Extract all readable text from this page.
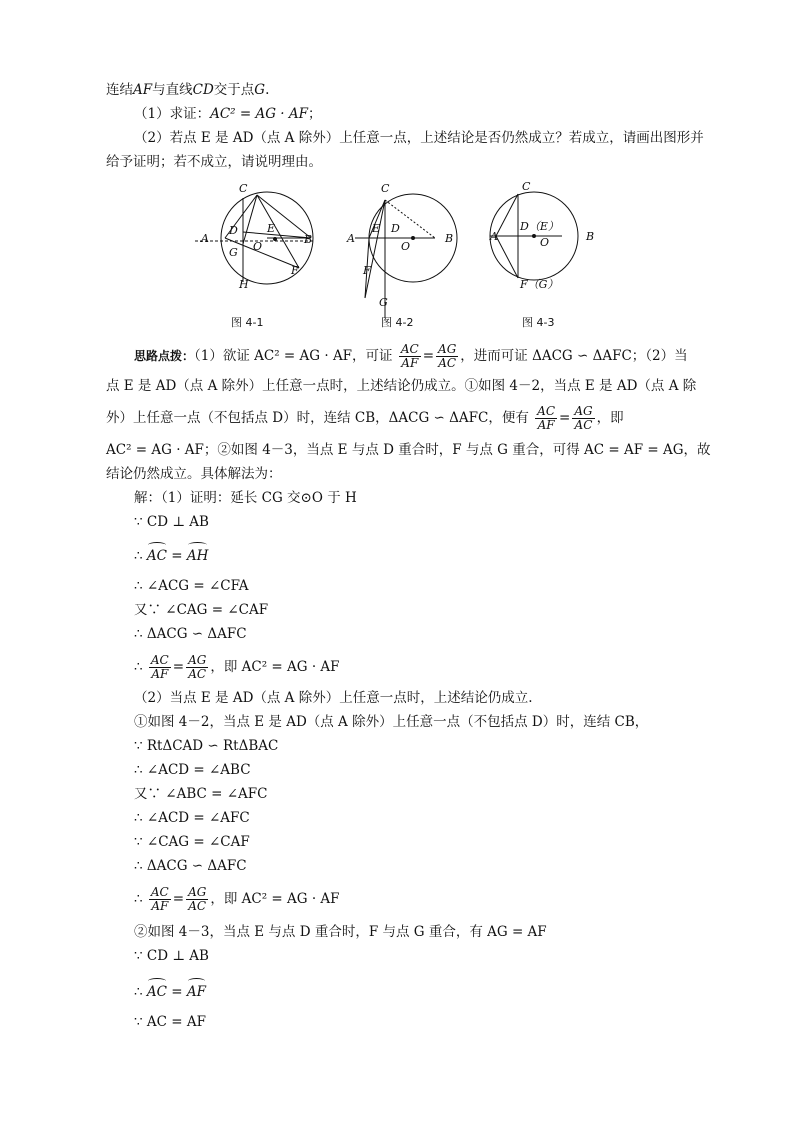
连结AF与直线CD交于点G.
（1）求证：AC² = AG · AF；
（2）若点 E 是 AD（点 A 除外）上任意一点，上述结论是否仍然成立？若成立，请画出图形并
给予证明；若不成立，请说明理由。
C
D	E
B
A
O
G
F
H
图 4-1
C
A
E D
B
O
F
G
图 4-2
C
A
D（E）
O	B
F（G）
图 4-3
思路点拨：（1）欲证 AC² = AG · AF，可证 $\frac{AC}{AF} = \frac{AG}{AC}$ ，进而可证 ΔACG ∽ ΔAFC；（2）当
点 E 是 AD（点 A 除外）上任意一点时，上述结论仍成立。①如图 4－2，当点 E 是 AD（点 A 除
外）上任意一点（不包括点 D）时，连结 CB，ΔACG ∽ ΔAFC，便有 $\frac{AC}{AF} = \frac{AG}{AC}$ ，即
AC² = AG · AF；②如图 4－3，当点 E 与点 D 重合时，F 与点 G 重合，可得 AC = AF = AG，故
结论仍然成立。具体解法为：
解：（1）证明：延长 CG 交⊙O 于 H
∵ CD ⊥ AB
∴ AC = AH
∴ ∠ACG = ∠CFA
又∵ ∠CAG = ∠CAF
∴ ΔACG ∽ ΔAFC
∴ $\frac{AC}{AF} = \frac{AG}{AC}$ ，即 AC² = AG · AF
（2）当点 E 是 AD（点 A 除外）上任意一点时，上述结论仍成立.
①如图 4－2，当点 E 是 AD（点 A 除外）上任意一点（不包括点 D）时，连结 CB，
∵ RtΔCAD ∽ RtΔBAC
∴ ∠ACD = ∠ABC
又∵ ∠ABC = ∠AFC
∴ ∠ACD = ∠AFC
∵ ∠CAG = ∠CAF
∴ ΔACG ∽ ΔAFC
∴ $\frac{AC}{AF} = \frac{AG}{AC}$ ，即 AC² = AG · AF
②如图 4－3，当点 E 与点 D 重合时，F 与点 G 重合，有 AG = AF
∵ CD ⊥ AB
∴ AC = AF
∵ AC = AF
